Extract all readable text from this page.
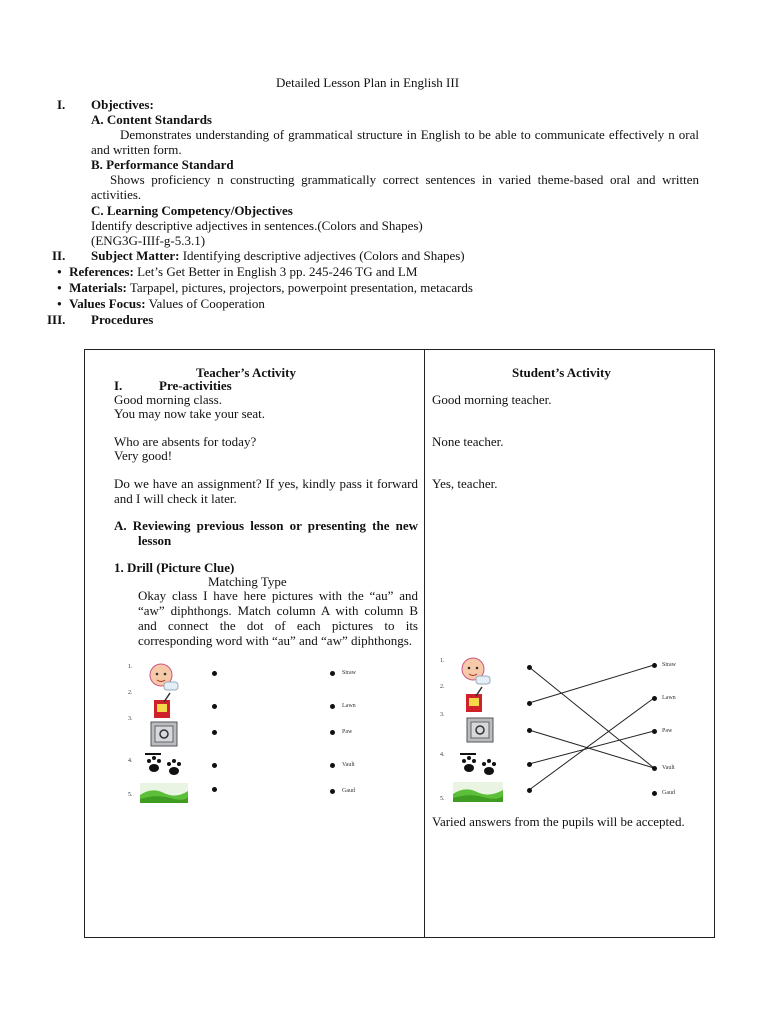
Detailed Lesson Plan in English III
I. Objectives:
A. Content Standards
Demonstrates understanding of grammatical structure in English to be able to communicate effectively n oral and written form.
B. Performance Standard
Shows proficiency n constructing grammatically correct sentences in varied theme-based oral and written activities.
C. Learning Competency/Objectives
Identify descriptive adjectives in sentences.(Colors and Shapes)
(ENG3G-IIIf-g-5.3.1)
II. Subject Matter: Identifying descriptive adjectives (Colors and Shapes)
● References: Let’s Get Better in English 3 pp. 245-246 TG and LM
● Materials: Tarpapel, pictures, projectors, powerpoint presentation, metacards
● Values Focus: Values of Cooperation
III. Procedures
Teacher’s Activity
I.	Pre-activities
Good morning class.
You may now take your seat.
Who are absents for today?
Very good!
Do we have an assignment? If yes, kindly pass it forward and I will check it later.
A. Reviewing previous lesson or presenting the new lesson
1. Drill (Picture Clue)
Matching Type
Okay class I have here pictures with the “au” and “aw” diphthongs. Match column A with column B and connect the dot of each pictures to its corresponding word with “au” and “aw” diphthongs.
Student’s Activity
Good morning teacher.
None teacher.
Yes, teacher.
Varied answers from the pupils will be accepted.
1.
2.
3.
4.
5.
Straw
Lawn
Paw
Vault
Gaud
1.
2.
3.
4.
5.
Straw
Lawn
Paw
Vault
Gaud
